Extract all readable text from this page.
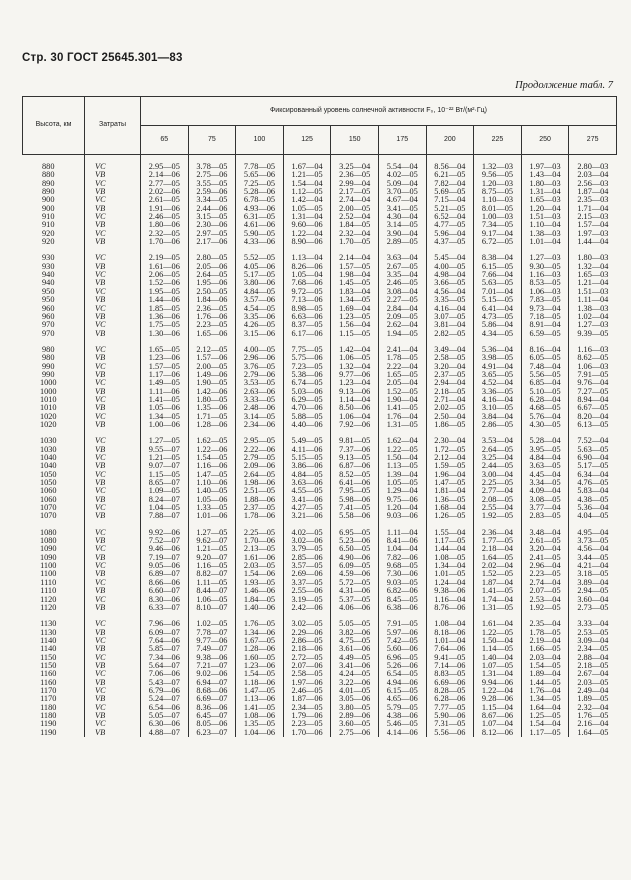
Стр. 30 ГОСТ 25645.301—83
Продолжение табл. 7
Высота, км	Затраты	Фиксированный уровень солнечной активности F₀, 10⁻²² Вт/(м²·Гц)									
		65	75	100	125	150	175	200	225	250	275

880	VC	2.95—05	3.78—05	7.78—05	1.67—04	3.25—04	5.54—04	8.56—04	1.32—03	1.97—03	2.80—03
880	VB	2.14—06	2.75—06	5.65—06	1.21—05	2.36—05	4.02—05	6.21—05	9.56—05	1.43—04	2.03—04
890	VC	2.77—05	3.55—05	7.25—05	1.54—04	2.99—04	5.09—04	7.82—04	1.20—03	1.80—03	2.56—03
890	VB	2.02—06	2.59—06	5.28—06	1.12—05	2.17—05	3.70—05	5.69—05	8.75—05	1.31—04	1.87—04
900	VC	2.61—05	3.34—05	6.78—05	1.42—04	2.74—04	4.67—04	7.15—04	1.10—03	1.65—03	2.35—03
900	VB	1.91—06	2.44—06	4.93—06	1.05—05	2.00—05	3.41—05	5.21—05	8.01—05	1.20—04	1.71—04
910	VC	2.46—05	3.15—05	6.31—05	1.31—04	2.52—04	4.30—04	6.52—04	1.00—03	1.51—03	2.15—03
910	VB	1.80—06	2.30—06	4.61—06	9.60—06	1.84—05	3.14—05	4.77—05	7.34—05	1.10—04	1.57—04
920	VC	2.32—05	2.97—05	5.90—05	1.22—04	2.32—04	3.90—04	5.96—04	9.17—04	1.38—03	1.97—03
920	VB	1.70—06	2.17—06	4.33—06	8.90—06	1.70—05	2.89—05	4.37—05	6.72—05	1.01—04	1.44—04

930	VC	2.19—05	2.80—05	5.52—05	1.13—04	2.14—04	3.63—04	5.45—04	8.38—04	1.27—03	1.80—03
930	VB	1.61—06	2.05—06	4.05—06	8.26—06	1.57—05	2.67—05	4.00—05	6.15—05	9.30—05	1.32—04
940	VC	2.06—05	2.64—05	5.17—05	1.05—04	1.98—04	3.35—04	4.98—04	7.66—04	1.16—03	1.65—03
940	VB	1.52—06	1.95—06	3.80—06	7.68—06	1.45—05	2.46—05	3.66—05	5.63—05	8.53—05	1.21—04
950	VC	1.95—05	2.50—05	4.84—05	9.72—05	1.83—04	3.08—04	4.56—04	7.01—04	1.06—03	1.51—03
950	VB	1.44—06	1.84—06	3.57—06	7.13—06	1.34—05	2.27—05	3.35—05	5.15—05	7.83—05	1.11—04
960	VC	1.85—05	2.36—05	4.54—05	8.98—05	1.69—04	2.84—04	4.16—04	6.41—04	9.73—04	1.38—03
960	VB	1.36—06	1.76—06	3.35—06	6.63—06	1.23—05	2.09—05	3.07—05	4.73—05	7.18—05	1.02—04
970	VC	1.75—05	2.23—05	4.26—05	8.37—05	1.56—04	2.62—04	3.81—04	5.86—04	8.91—04	1.27—03
970	VB	1.30—06	1.65—06	3.15—06	6.17—06	1.15—05	1.94—05	2.82—05	4.34—05	6.59—05	9.39—05

980	VC	1.65—05	2.12—05	4.00—05	7.75—05	1.42—04	2.41—04	3.49—04	5.36—04	8.16—04	1.16—03
980	VB	1.23—06	1.57—06	2.96—06	5.75—06	1.06—05	1.78—05	2.58—05	3.98—05	6.05—05	8.62—05
990	VC	1.57—05	2.00—05	3.76—05	7.23—05	1.32—04	2.22—04	3.20—04	4.91—04	7.48—04	1.06—03
990	VB	1.17—06	1.49—06	2.79—06	5.38—06	9.77—06	1.65—05	2.37—05	3.65—05	5.56—05	7.91—05
1000	VC	1.49—05	1.90—05	3.53—05	6.74—05	1.23—04	2.05—04	2.94—04	4.52—04	6.85—04	9.76—04
1000	VB	1.11—06	1.42—06	2.63—06	5.03—06	9.13—06	1.52—05	2.18—05	3.36—05	5.10—05	7.27—05
1010	VC	1.41—05	1.80—05	3.33—05	6.29—05	1.14—04	1.90—04	2.71—04	4.16—04	6.28—04	8.94—04
1010	VB	1.05—06	1.35—06	2.48—06	4.70—06	8.50—06	1.41—05	2.02—05	3.10—05	4.68—05	6.67—05
1020	VC	1.34—05	1.71—05	3.14—05	5.88—05	1.06—04	1.76—04	2.50—04	3.84—04	5.76—04	8.20—04
1020	VB	1.00—06	1.28—06	2.34—06	4.40—06	7.92—06	1.31—05	1.86—05	2.86—05	4.30—05	6.13—05

1030	VC	1.27—05	1.62—05	2.95—05	5.49—05	9.81—05	1.62—04	2.30—04	3.53—04	5.28—04	7.52—04
1030	VB	9.55—07	1.22—06	2.22—06	4.11—06	7.37—06	1.22—05	1.72—05	2.64—05	3.95—05	5.63—05
1040	VC	1.21—05	1.54—05	2.79—05	5.15—05	9.13—05	1.50—04	2.12—04	3.25—04	4.84—04	6.90—04
1040	VB	9.07—07	1.16—06	2.09—06	3.86—06	6.87—06	1.13—05	1.59—05	2.44—05	3.63—05	5.17—05
1050	VC	1.15—05	1.47—05	2.64—05	4.84—05	8.52—05	1.39—04	1.96—04	3.00—04	4.45—04	6.34—04
1050	VB	8.65—07	1.10—06	1.98—06	3.63—06	6.41—06	1.05—05	1.47—05	2.25—05	3.34—05	4.76—05
1060	VC	1.09—05	1.40—05	2.51—05	4.55—05	7.95—05	1.29—04	1.81—04	2.77—04	4.09—04	5.83—04
1060	VB	8.24—07	1.05—06	1.88—06	3.41—06	5.98—06	9.75—06	1.36—05	2.08—05	3.08—05	4.38—05
1070	VC	1.04—05	1.33—05	2.37—05	4.27—05	7.41—05	1.20—04	1.68—04	2.55—04	3.77—04	5.36—04
1070	VB	7.88—07	1.01—06	1.78—06	3.21—06	5.58—06	9.03—06	1.26—05	1.92—05	2.83—05	4.04—05

1080	VC	9.92—06	1.27—05	2.25—05	4.02—05	6.95—05	1.11—04	1.55—04	2.36—04	3.48—04	4.95—04
1080	VB	7.52—07	9.62—07	1.70—06	3.02—06	5.23—06	8.41—06	1.17—05	1.77—05	2.61—05	3.73—05
1090	VC	9.46—06	1.21—05	2.13—05	3.79—05	6.50—05	1.04—04	1.44—04	2.18—04	3.20—04	4.56—04
1090	VB	7.19—07	9.20—07	1.61—06	2.85—06	4.90—06	7.82—06	1.08—05	1.64—05	2.41—05	3.44—05
1100	VC	9.05—06	1.16—05	2.03—05	3.57—05	6.09—05	9.68—05	1.34—04	2.02—04	2.96—04	4.21—04
1100	VB	6.89—07	8.82—07	1.54—06	2.69—06	4.59—06	7.30—06	1.01—05	1.52—05	2.23—05	3.18—05
1110	VC	8.66—06	1.11—05	1.93—05	3.37—05	5.72—05	9.03—05	1.24—04	1.87—04	2.74—04	3.89—04
1110	VB	6.60—07	8.44—07	1.46—06	2.55—06	4.31—06	6.82—06	9.38—06	1.41—05	2.07—05	2.94—05
1120	VC	8.30—06	1.06—05	1.84—05	3.19—05	5.37—05	8.45—05	1.16—04	1.74—04	2.53—04	3.60—04
1120	VB	6.33—07	8.10—07	1.40—06	2.42—06	4.06—06	6.38—06	8.76—06	1.31—05	1.92—05	2.73—05

1130	VC	7.96—06	1.02—05	1.76—05	3.02—05	5.05—05	7.91—05	1.08—04	1.61—04	2.35—04	3.33—04
1130	VB	6.09—07	7.78—07	1.34—06	2.29—06	3.82—06	5.97—06	8.18—06	1.22—05	1.78—05	2.53—05
1140	VC	7.64—06	9.77—06	1.67—05	2.86—05	4.75—05	7.42—05	1.01—04	1.50—04	2.19—04	3.09—04
1140	VB	5.85—07	7.49—07	1.28—06	2.18—06	3.61—06	5.60—06	7.64—06	1.14—05	1.66—05	2.34—05
1150	VC	7.34—06	9.38—06	1.60—05	2.72—05	4.49—05	6.96—05	9.41—05	1.40—04	2.03—04	2.88—04
1150	VB	5.64—07	7.21—07	1.23—06	2.07—06	3.41—06	5.26—06	7.14—06	1.07—05	1.54—05	2.18—05
1160	VC	7.06—06	9.02—06	1.54—05	2.58—05	4.24—05	6.54—05	8.83—05	1.31—04	1.89—04	2.67—04
1160	VB	5.43—07	6.94—07	1.18—06	1.97—06	3.22—06	4.94—06	6.69—06	9.94—06	1.44—05	2.03—05
1170	VC	6.79—06	8.68—06	1.47—05	2.46—05	4.01—05	6.15—05	8.28—05	1.22—04	1.76—04	2.49—04
1170	VB	5.24—07	6.69—07	1.13—06	1.87—06	3.05—06	4.65—06	6.28—06	9.28—06	1.34—05	1.89—05
1180	VC	6.54—06	8.36—06	1.41—05	2.34—05	3.80—05	5.79—05	7.77—05	1.15—04	1.64—04	2.32—04
1180	VB	5.05—07	6.45—07	1.08—06	1.79—06	2.89—06	4.38—06	5.90—06	8.67—06	1.25—05	1.76—05
1190	VC	6.30—06	8.05—06	1.35—05	2.23—05	3.60—05	5.46—05	7.31—05	1.07—04	1.54—04	2.16—04
1190	VB	4.88—07	6.23—07	1.04—06	1.70—06	2.75—06	4.14—06	5.56—06	8.12—06	1.17—05	1.64—05
